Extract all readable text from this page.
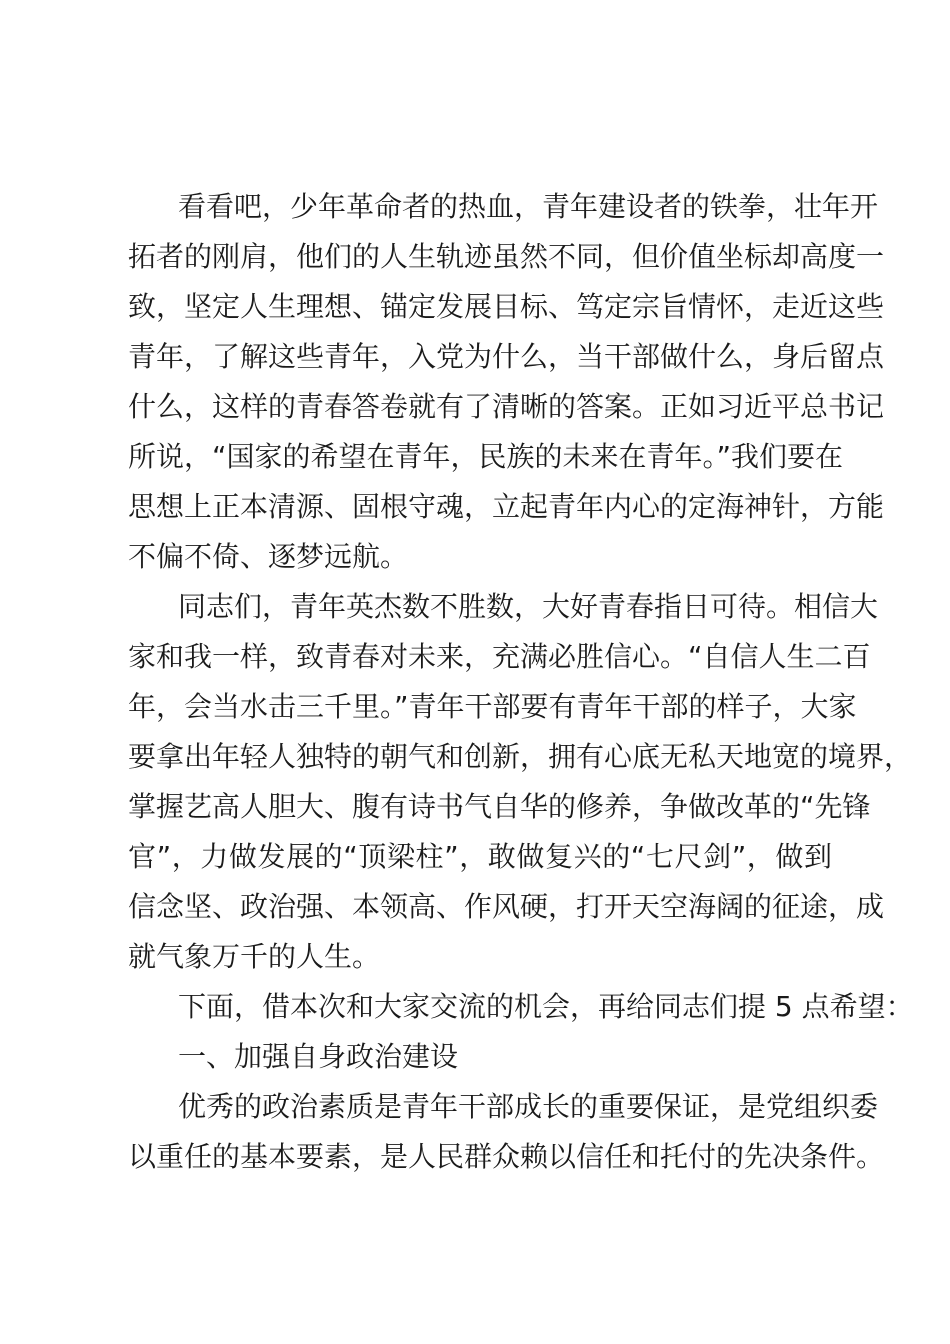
看看吧，少年革命者的热血，青年建设者的铁拳，壮年开
拓者的刚肩，他们的人生轨迹虽然不同，但价值坐标却高度一
致，坚定人生理想、锚定发展目标、笃定宗旨情怀，走近这些
青年，了解这些青年，入党为什么，当干部做什么，身后留点
什么，这样的青春答卷就有了清晰的答案。正如习近平总书记
所说，“国家的希望在青年，民族的未来在青年。”我们要在
思想上正本清源、固根守魂，立起青年内心的定海神针，方能
不偏不倚、逐梦远航。
同志们，青年英杰数不胜数，大好青春指日可待。相信大
家和我一样，致青春对未来，充满必胜信心。“自信人生二百
年，会当水击三千里。”青年干部要有青年干部的样子，大家
要拿出年轻人独特的朝气和创新，拥有心底无私天地宽的境界，
掌握艺高人胆大、腹有诗书气自华的修养，争做改革的“先锋
官”，力做发展的“顶梁柱”，敢做复兴的“七尺剑”，做到
信念坚、政治强、本领高、作风硬，打开天空海阔的征途，成
就气象万千的人生。
下面，借本次和大家交流的机会，再给同志们提 5 点希望：
一、加强自身政治建设
优秀的政治素质是青年干部成长的重要保证，是党组织委
以重任的基本要素，是人民群众赖以信任和托付的先决条件。
